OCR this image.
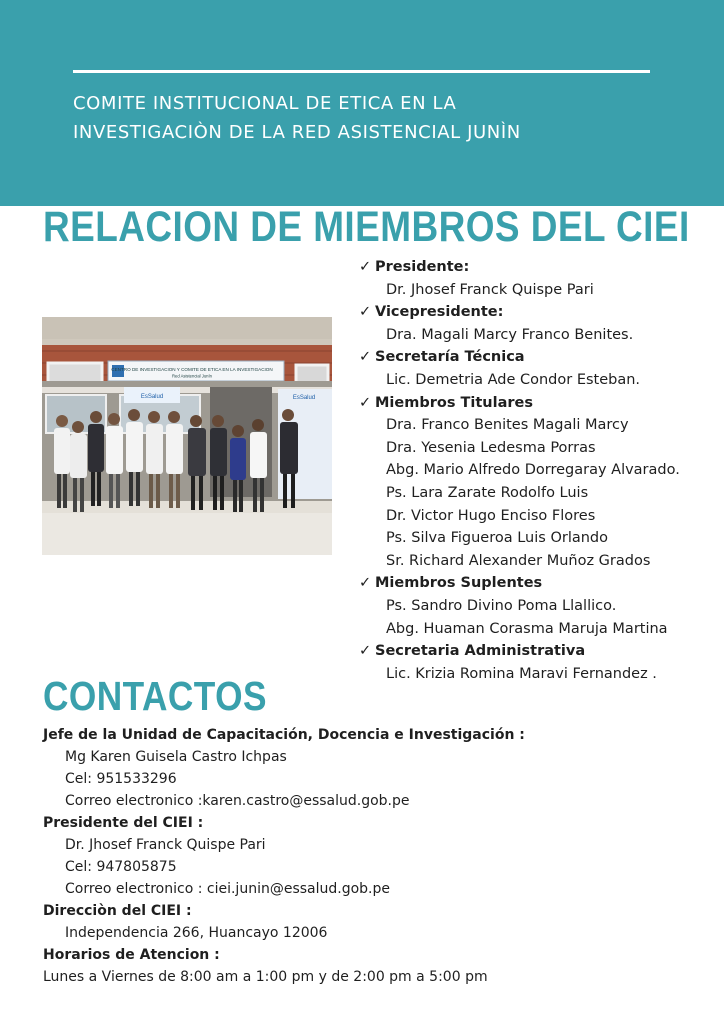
COMITE INSTITUCIONAL DE ETICA EN LA
INVESTIGACIÒN DE LA RED ASISTENCIAL JUNÌN
RELACION DE MIEMBROS DEL CIEI
CENTRO DE INVESTIGACION Y COMITE DE ETICA EN LA INVESTIGACION
Red Asistencial Junín
EsSalud	EsSalud
✓ Presidente:
Dr. Jhosef Franck Quispe Pari
✓ Vicepresidente:
Dra. Magali Marcy Franco Benites.
✓ Secretaría Técnica
Lic. Demetria Ade Condor Esteban.
✓ Miembros Titulares
Dra. Franco Benites Magali Marcy
Dra. Yesenia Ledesma Porras
Abg. Mario Alfredo Dorregaray Alvarado.
Ps. Lara Zarate Rodolfo Luis
Dr. Victor Hugo Enciso Flores
Ps. Silva Figueroa Luis Orlando
Sr. Richard Alexander Muñoz Grados
✓ Miembros Suplentes
Ps. Sandro Divino Poma Llallico.
Abg. Huaman Corasma Maruja Martina
✓ Secretaria Administrativa
Lic. Krizia Romina Maravi Fernandez .
CONTACTOS
Jefe de la Unidad de Capacitación, Docencia e Investigación :
Mg Karen Guisela Castro Ichpas
Cel: 951533296
Correo electronico :karen.castro@essalud.gob.pe
Presidente del CIEI :
Dr. Jhosef Franck Quispe Pari
Cel: 947805875
Correo electronico : ciei.junin@essalud.gob.pe
Direcciòn del CIEI :
Independencia 266, Huancayo 12006
Horarios de Atencion :
Lunes a Viernes de 8:00 am a 1:00 pm y de 2:00 pm a 5:00 pm
